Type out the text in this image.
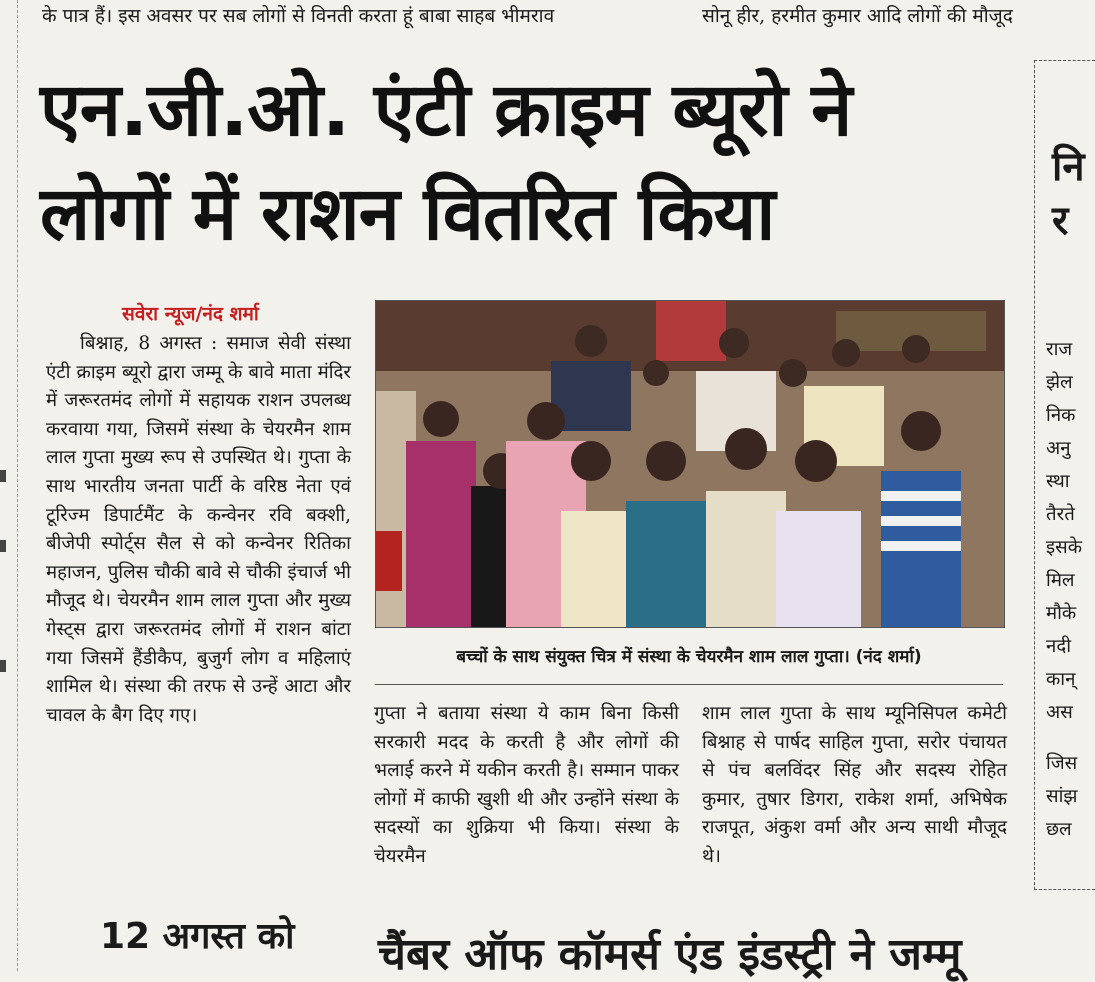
के पात्र हैं। इस अवसर पर सब लोगों से विनती करता हूं बाबा साहब भीमराव	सोनू हीर, हरमीत कुमार आदि लोगों की मौजूद
एन.जी.ओ. एंटी क्राइम ब्यूरो ने
लोगों में राशन वितरित किया
सवेरा न्यूज/नंद शर्मा

बिश्नाह, 8 अगस्त : समाज सेवी संस्था एंटी क्राइम ब्यूरो द्वारा जम्मू के बावे माता मंदिर में जरूरतमंद लोगों में सहायक राशन उपलब्ध करवाया गया, जिसमें संस्था के चेयरमैन शाम लाल गुप्ता मुख्य रूप से उपस्थित थे। गुप्ता के साथ भारतीय जनता पार्टी के वरिष्ठ नेता एवं टूरिज्म डिपार्टमैंट के कन्वेनर रवि बक्शी, बीजेपी स्पोर्ट्स सैल से को कन्वेनर रितिका महाजन, पुलिस चौकी बावे से चौकी इंचार्ज भी मौजूद थे। चेयरमैन शाम लाल गुप्ता और मुख्य गेस्ट्स द्वारा जरूरतमंद लोगों में राशन बांटा गया जिसमें हैंडीकैप, बुजुर्ग लोग व महिलाएं शामिल थे। संस्था की तरफ से उन्हें आटा और चावल के बैग दिए गए।

बच्चों के साथ संयुक्त चित्र में संस्था के चेयरमैन शाम लाल गुप्ता। (नंद शर्मा)

गुप्ता ने बताया संस्था ये काम बिना किसी सरकारी मदद के करती है और लोगों की भलाई करने में यकीन करती है। सम्मान पाकर लोगों में काफी खुशी थी और उन्होंने संस्था के सदस्यों का शुक्रिया भी किया। संस्था के चेयरमैन

शाम लाल गुप्ता के साथ म्यूनिसिपल कमेटी बिश्नाह से पार्षद साहिल गुप्ता, सरोर पंचायत से पंच बलविंदर सिंह और सदस्य रोहित कुमार, तुषार डिगरा, राकेश शर्मा, अभिषेक राजपूत, अंकुश वर्मा और अन्य साथी मौजूद थे।

नि
र
राज
झेल
निक
अनु
स्था
तैरते
इसके
मिल
मौके
नदी
कान्
अस
जिस
सांझ
छल
12 अगस्त को चैंबर ऑफ कॉमर्स एंड इंडस्ट्री ने जम्मू
